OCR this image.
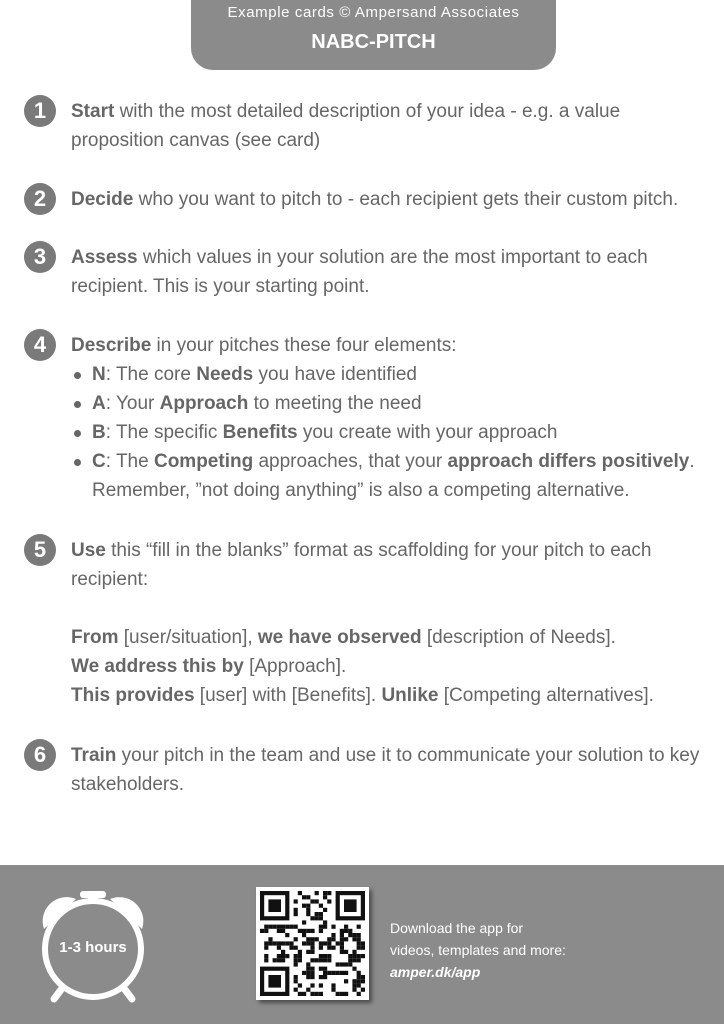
Example cards © Ampersand Associates
NABC-PITCH
1	Start with the most detailed description of your idea - e.g. a value proposition canvas (see card)
2	Decide who you want to pitch to - each recipient gets their custom pitch.
3	Assess which values in your solution are the most important to each recipient. This is your starting point.
4	Describe in your pitches these four elements:
N: The core Needs you have identified
A: Your Approach to meeting the need
B: The specific Benefits you create with your approach
C: The Competing approaches, that your approach differs positively.
Remember, ”not doing anything” is also a competing alternative.
5	Use this “fill in the blanks” format as scaffolding for your pitch to each recipient:
From [user/situation], we have observed [description of Needs].
We address this by [Approach].
This provides [user] with [Benefits]. Unlike [Competing alternatives].
6	Train your pitch in the team and use it to communicate your solution to key stakeholders.
1-3 hours
Download the app for
videos, templates and more:
amper.dk/app
